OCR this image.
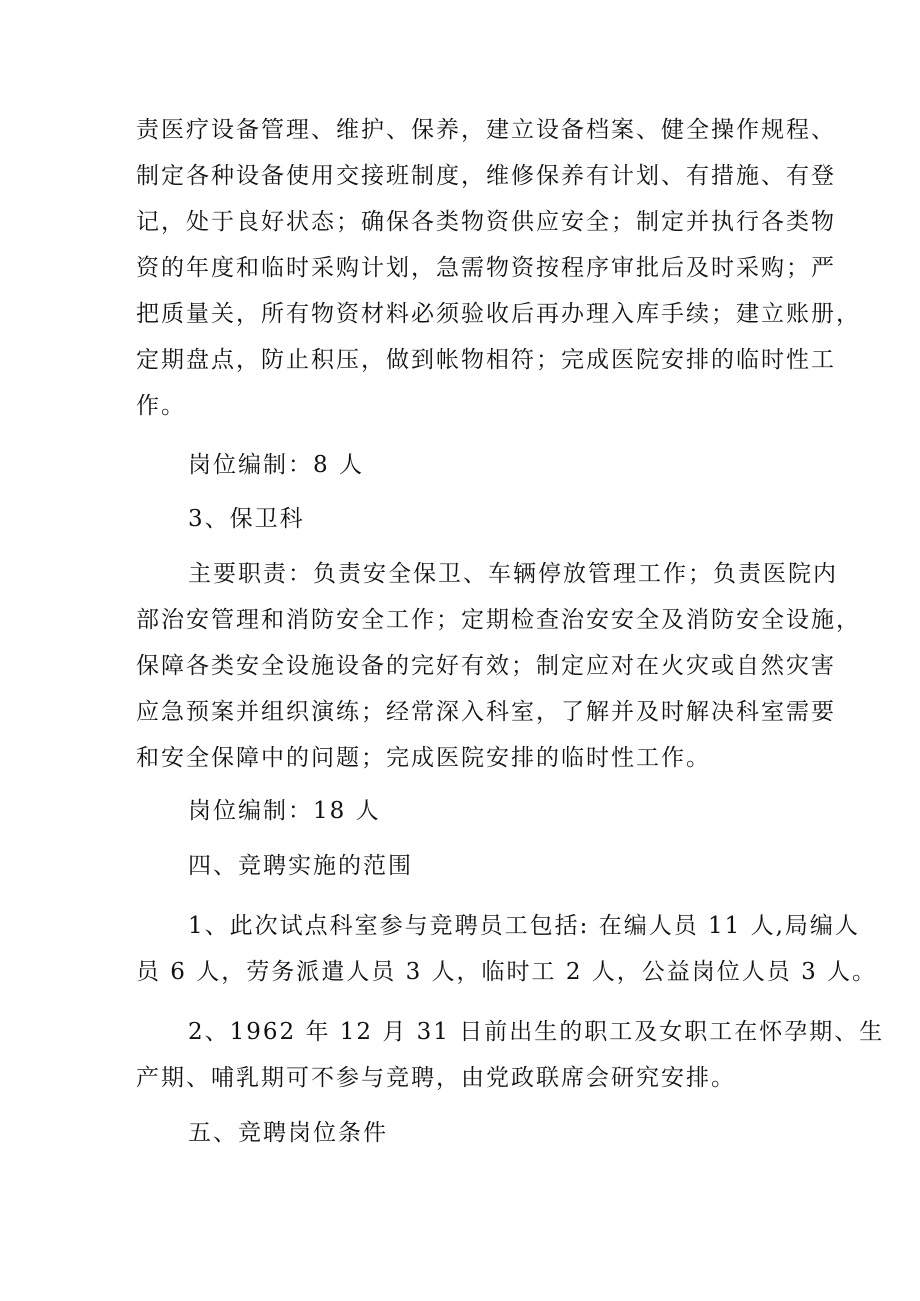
责医疗设备管理、维护、保养，建立设备档案、健全操作规程、
制定各种设备使用交接班制度，维修保养有计划、有措施、有登
记，处于良好状态；确保各类物资供应安全；制定并执行各类物
资的年度和临时采购计划，急需物资按程序审批后及时采购；严
把质量关，所有物资材料必须验收后再办理入库手续；建立账册，
定期盘点，防止积压，做到帐物相符；完成医院安排的临时性工
作。
岗位编制：8 人
3、保卫科
主要职责：负责安全保卫、车辆停放管理工作；负责医院内
部治安管理和消防安全工作；定期检查治安安全及消防安全设施，
保障各类安全设施设备的完好有效；制定应对在火灾或自然灾害
应急预案并组织演练；经常深入科室，了解并及时解决科室需要
和安全保障中的问题；完成医院安排的临时性工作。
岗位编制：18 人
四、竞聘实施的范围
1、此次试点科室参与竞聘员工包括: 在编人员 11 人,局编人
员 6 人，劳务派遣人员 3 人，临时工 2 人，公益岗位人员 3 人。
2、1962 年 12 月 31 日前出生的职工及女职工在怀孕期、生
产期、哺乳期可不参与竞聘，由党政联席会研究安排。
五、竞聘岗位条件
